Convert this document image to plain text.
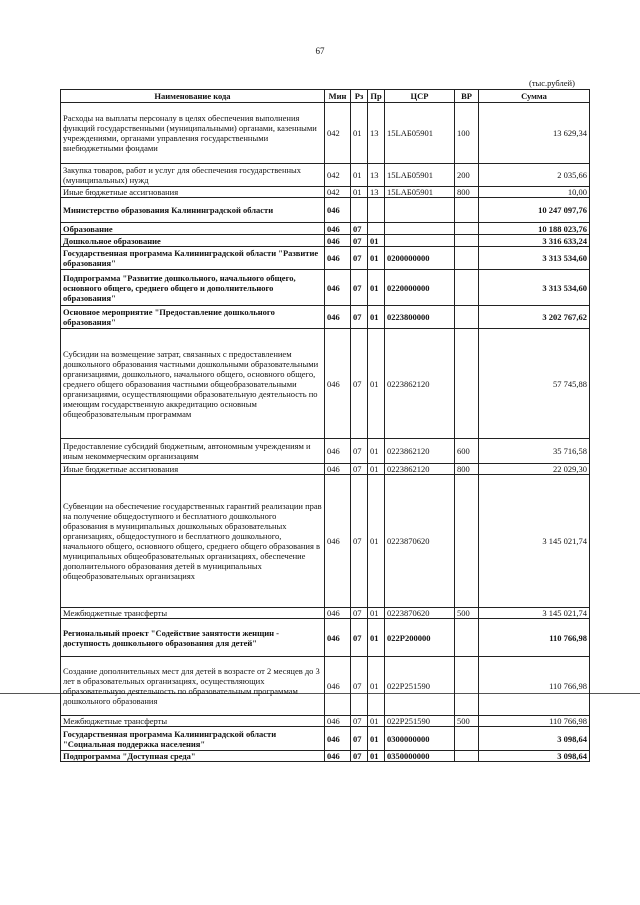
67
(тыс.рублей)
Наименование кода	Мин	Рз	Пр	ЦСР	ВР	Сумма
Расходы на выплаты персоналу в целях обеспечения выполнения функций государственными (муниципальными) органами, казенными учреждениями, органами управления государственными внебюджетными фондами	042	01	13	15LАБ05901	100	13 629,34
Закупка товаров, работ и услуг для обеспечения государственных (муниципальных) нужд	042	01	13	15LАБ05901	200	2 035,66
Иные бюджетные ассигнования	042	01	13	15LАБ05901	800	10,00
Министерство образования Калининградской области	046					10 247 097,76
Образование	046	07				10 188 023,76
Дошкольное образование	046	07	01			3 316 633,24
Государственная программа Калининградской области "Развитие образования"	046	07	01	0200000000		3 313 534,60
Подпрограмма "Развитие дошкольного, начального общего, основного общего, среднего общего и дополнительного образования"	046	07	01	0220000000		3 313 534,60
Основное мероприятие "Предоставление дошкольного образования"	046	07	01	0223800000		3 202 767,62
Субсидии на возмещение затрат, связанных с предоставлением дошкольного образования частными дошкольными образовательными организациями, дошкольного, начального общего, основного общего, среднего общего образования частными общеобразовательными организациями, осуществляющими образовательную деятельность по имеющим государственную аккредитацию основным общеобразовательным программам	046	07	01	0223862120		57 745,88
Предоставление субсидий бюджетным, автономным учреждениям и иным некоммерческим организациям	046	07	01	0223862120	600	35 716,58
Иные бюджетные ассигнования	046	07	01	0223862120	800	22 029,30
Субвенции на обеспечение государственных гарантий реализации прав на получение общедоступного и бесплатного дошкольного образования в муниципальных дошкольных образовательных организациях, общедоступного и бесплатного дошкольного, начального общего, основного общего, среднего общего образования в муниципальных общеобразовательных организациях, обеспечение дополнительного образования детей в муниципальных общеобразовательных организациях	046	07	01	0223870620		3 145 021,74
Межбюджетные трансферты	046	07	01	0223870620	500	3 145 021,74
Региональный проект "Содействие занятости женщин - доступность дошкольного образования для детей"	046	07	01	022Р200000		110 766,98
Создание дополнительных мест для детей в возрасте от 2 месяцев до 3 лет в образовательных организациях, осуществляющих образовательную деятельность по образовательным программам дошкольного образования	046	07	01	022Р251590		110 766,98
Межбюджетные трансферты	046	07	01	022Р251590	500	110 766,98
Государственная программа Калининградской области "Социальная поддержка населения"	046	07	01	0300000000		3 098,64
Подпрограмма "Доступная среда"	046	07	01	0350000000		3 098,64
